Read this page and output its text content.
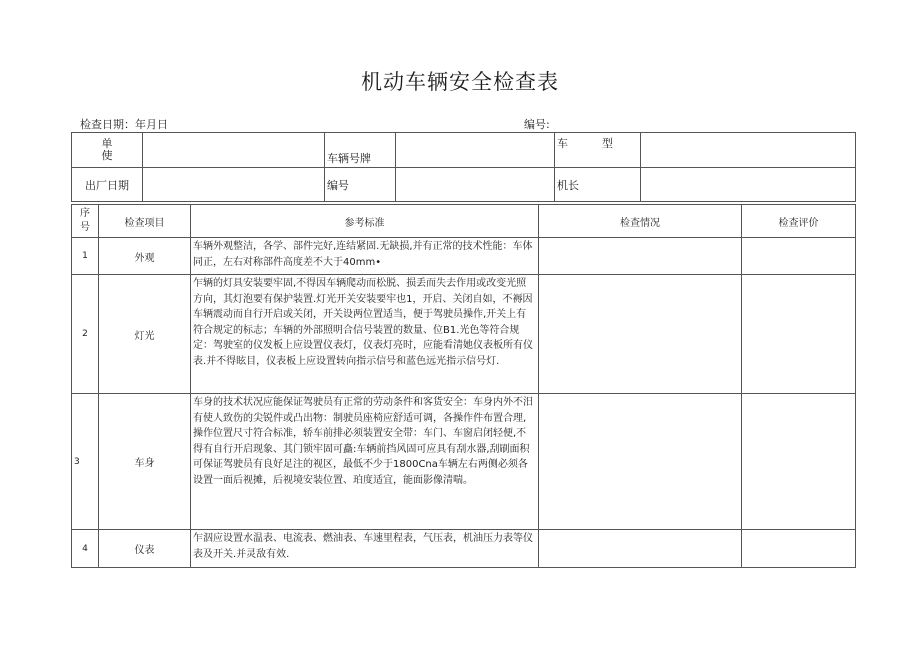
机动车辆安全检查表
检查日期：年月日	编号:
单
使		车辆号牌		车 型	
出厂日期		编号		机长	
序
号	检查项目	参考标准	检查情况	检查评价
1	外观	车辆外观整洁，各学、部件完好,连结紧固.无缺损,并有正常的技术性能：车体同正，左右对称部件高度差不大于40mm•		
2	灯光	乍辆的灯具安装要牢固,不得因车辆爬动而松脱、损丢而失去作用或改变光照方向，其灯泡要有保护装置.灯光开关安装要牢也1，开启、关闭自如，不褥因车辆震动而自行开启或关闭，开关设两位置适当，便于驾驶员操作,开关上有符合规定的标志；车辆的外部照明合信号装置的数量、位B1.光色等符合规定：驾驶室的仪发板上应设置仪表灯，仪表灯亮时，应能看清她仪表板所有仪表.并不得眩目，仪表板上应设置转向指示信号和蓝色远光指示信号灯.		
3	车身	车身的技术状况应能保证驾驶员有正常的劳动条件和客货安全：车身内外不汨有使人致伤的尖锐件或凸出物：制驶员座椅应舒适可调，各操作件布置合理,操作位置尺寸符合标准，轿车前排必须装置安全带：车门、车窗启闭轻便,不得有自行开启现象、其门锁牢固可矗:车辆前挡风固可应具有刮水器,刮刷面积可保证驾驶员有良好足注的视区，最低不少于1800Cna车辆左右两侧必须各设置一面后视摊，后视境安装位置、珀度适宜，能面影像清喘。		
4	仪表	乍泅应设置水温表、电流表、燃油表、车速里程表，气压表，机油压力表等仪表及开关.并灵敌有效.		
